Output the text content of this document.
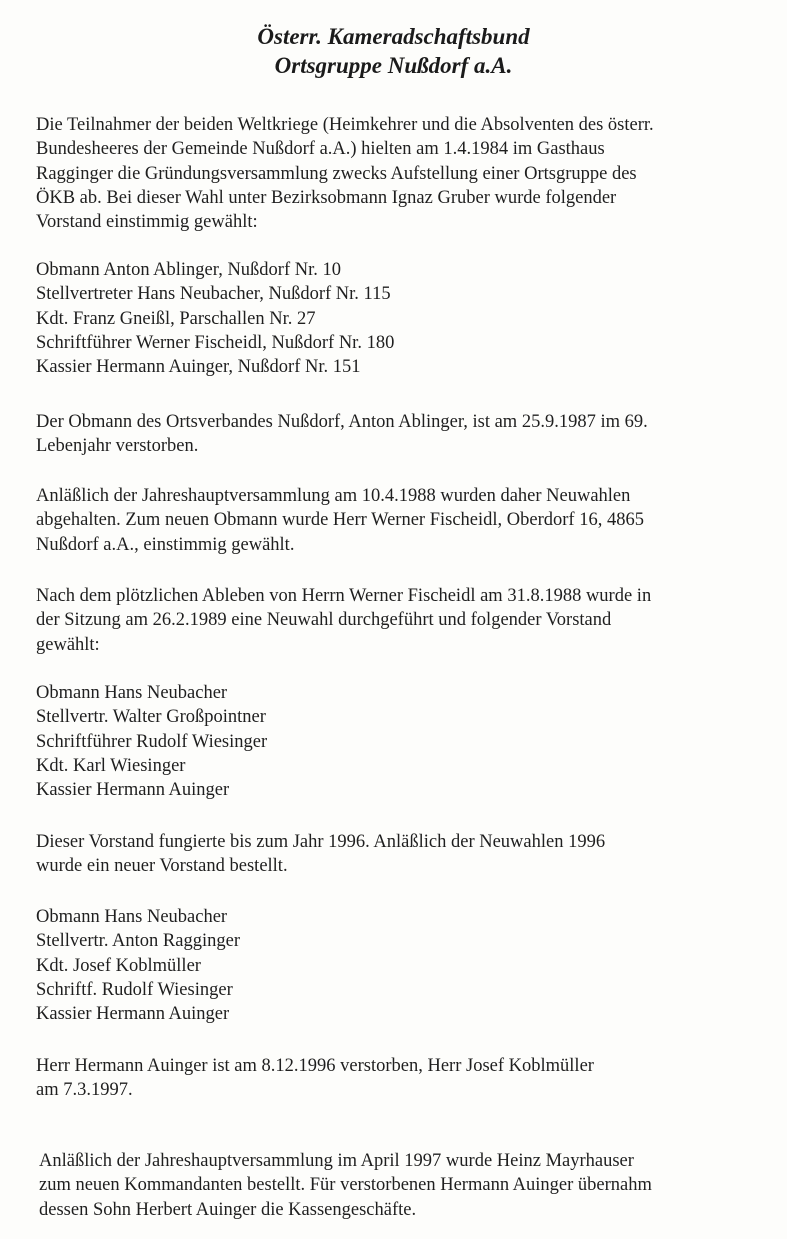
Österr. Kameradschaftsbund
Ortsgruppe Nußdorf a.A.
Die Teilnahmer der beiden Weltkriege (Heimkehrer und die Absolventen des österr.
Bundesheeres der Gemeinde Nußdorf a.A.) hielten am 1.4.1984 im Gasthaus
Ragginger die Gründungsversammlung zwecks Aufstellung einer Ortsgruppe des
ÖKB ab. Bei dieser Wahl unter Bezirksobmann Ignaz Gruber wurde folgender
Vorstand einstimmig gewählt:
Obmann Anton Ablinger, Nußdorf Nr. 10
Stellvertreter Hans Neubacher, Nußdorf Nr. 115
Kdt. Franz Gneißl, Parschallen Nr. 27
Schriftführer Werner Fischeidl, Nußdorf Nr. 180
Kassier Hermann Auinger, Nußdorf Nr. 151
Der Obmann des Ortsverbandes Nußdorf, Anton Ablinger, ist am 25.9.1987 im 69.
Lebenjahr verstorben.
Anläßlich der Jahreshauptversammlung am 10.4.1988 wurden daher Neuwahlen
abgehalten. Zum neuen Obmann wurde Herr Werner Fischeidl, Oberdorf 16, 4865
Nußdorf a.A., einstimmig gewählt.
Nach dem plötzlichen Ableben von Herrn Werner Fischeidl am 31.8.1988 wurde in
der Sitzung am 26.2.1989 eine Neuwahl durchgeführt und folgender Vorstand
gewählt:
Obmann Hans Neubacher
Stellvertr. Walter Großpointner
Schriftführer Rudolf Wiesinger
Kdt. Karl Wiesinger
Kassier Hermann Auinger
Dieser Vorstand fungierte bis zum Jahr 1996. Anläßlich der Neuwahlen 1996
wurde ein neuer Vorstand bestellt.
Obmann Hans Neubacher
Stellvertr. Anton Ragginger
Kdt. Josef Koblmüller
Schriftf. Rudolf Wiesinger
Kassier Hermann Auinger
Herr Hermann Auinger ist am 8.12.1996 verstorben, Herr Josef Koblmüller
am 7.3.1997.
Anläßlich der Jahreshauptversammlung im April 1997 wurde Heinz Mayrhauser
zum neuen Kommandanten bestellt. Für verstorbenen Hermann Auinger übernahm
dessen Sohn Herbert Auinger die Kassengeschäfte.
